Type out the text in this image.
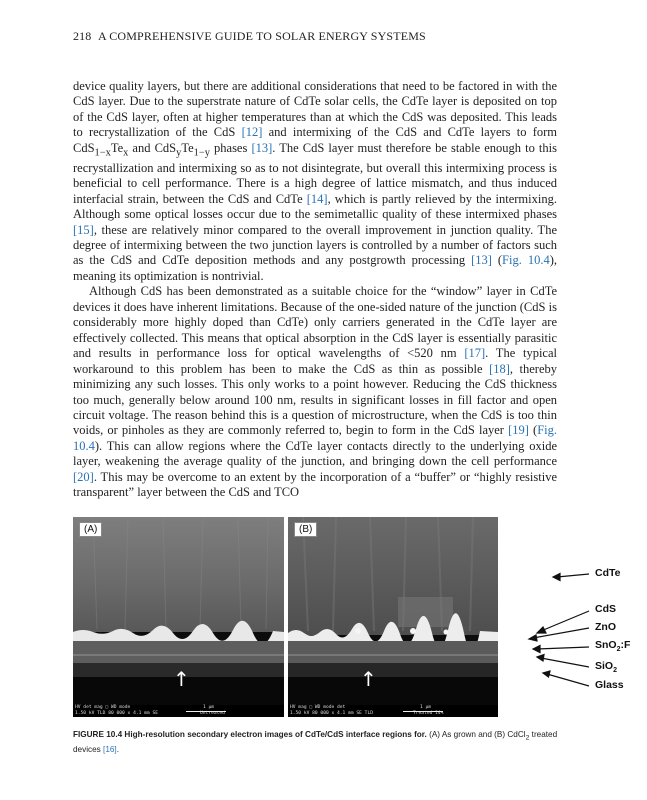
218 A COMPREHENSIVE GUIDE TO SOLAR ENERGY SYSTEMS

device quality layers, but there are additional considerations that need to be factored in with the CdS layer. Due to the superstrate nature of CdTe solar cells, the CdTe layer is deposited on top of the CdS layer, often at higher temperatures than at which the CdS was deposited. This leads to recrystallization of the CdS [12] and intermixing of the CdS and CdTe layers to form $CdS_{1-x}Te_x$ and $CdS_yTe_{1-y}$ phases [13]. The CdS layer must therefore be stable enough to this recrystallization and intermixing so as to not disintegrate, but overall this intermixing process is beneficial to cell performance. There is a high degree of lattice mismatch, and thus induced interfacial strain, between the CdS and CdTe [14], which is partly relieved by the intermixing. Although some optical losses occur due to the semimetallic quality of these intermixed phases [15], these are relatively minor compared to the overall improvement in junction quality. The degree of intermixing between the two junction layers is controlled by a number of factors such as the CdS and CdTe deposition methods and any postgrowth processing [13] (Fig. 10.4), meaning its optimization is nontrivial.

Although CdS has been demonstrated as a suitable choice for the “window” layer in CdTe devices it does have inherent limitations. Because of the one-sided nature of the junction (CdS is considerably more highly doped than CdTe) only carriers generated in the CdTe layer are effectively collected. This means that optical absorption in the CdS layer is essentially parasitic and results in performance loss for optical wavelengths of <520 nm [17]. The typical workaround to this problem has been to make the CdS as thin as possible [18], thereby minimizing any such losses. This only works to a point however. Reducing the CdS thickness too much, generally below around 100 nm, results in significant losses in fill factor and open circuit voltage. The reason behind this is a question of microstructure, when the CdS is too thin voids, or pinholes as they are commonly referred to, begin to form in the CdS layer [19] (Fig. 10.4). This can allow regions where the CdTe layer contacts directly to the underlying oxide layer, weakening the average quality of the junction, and bringing down the cell performance [20]. This may be overcome to an extent by the incorporation of a “buffer” or “highly resistive transparent” layer between the CdS and TCO

(A)
↑
HV det mag □ WD mode
1.50 kV TLD 80 000 x 4.1 mm SE
1 μm
Untreated
(B)
↑
HV mag □ WD mode det
1.50 kV 80 000 x 4.1 mm SE TLD
1 μm
Treated 14%
CdTe
CdS
ZnO
SnO$_2$:F
SiO$_2$
Glass
FIGURE 10.4 High-resolution secondary electron images of CdTe/CdS interface regions for. (A) As grown and (B) CdCl$_2$ treated devices [16].
